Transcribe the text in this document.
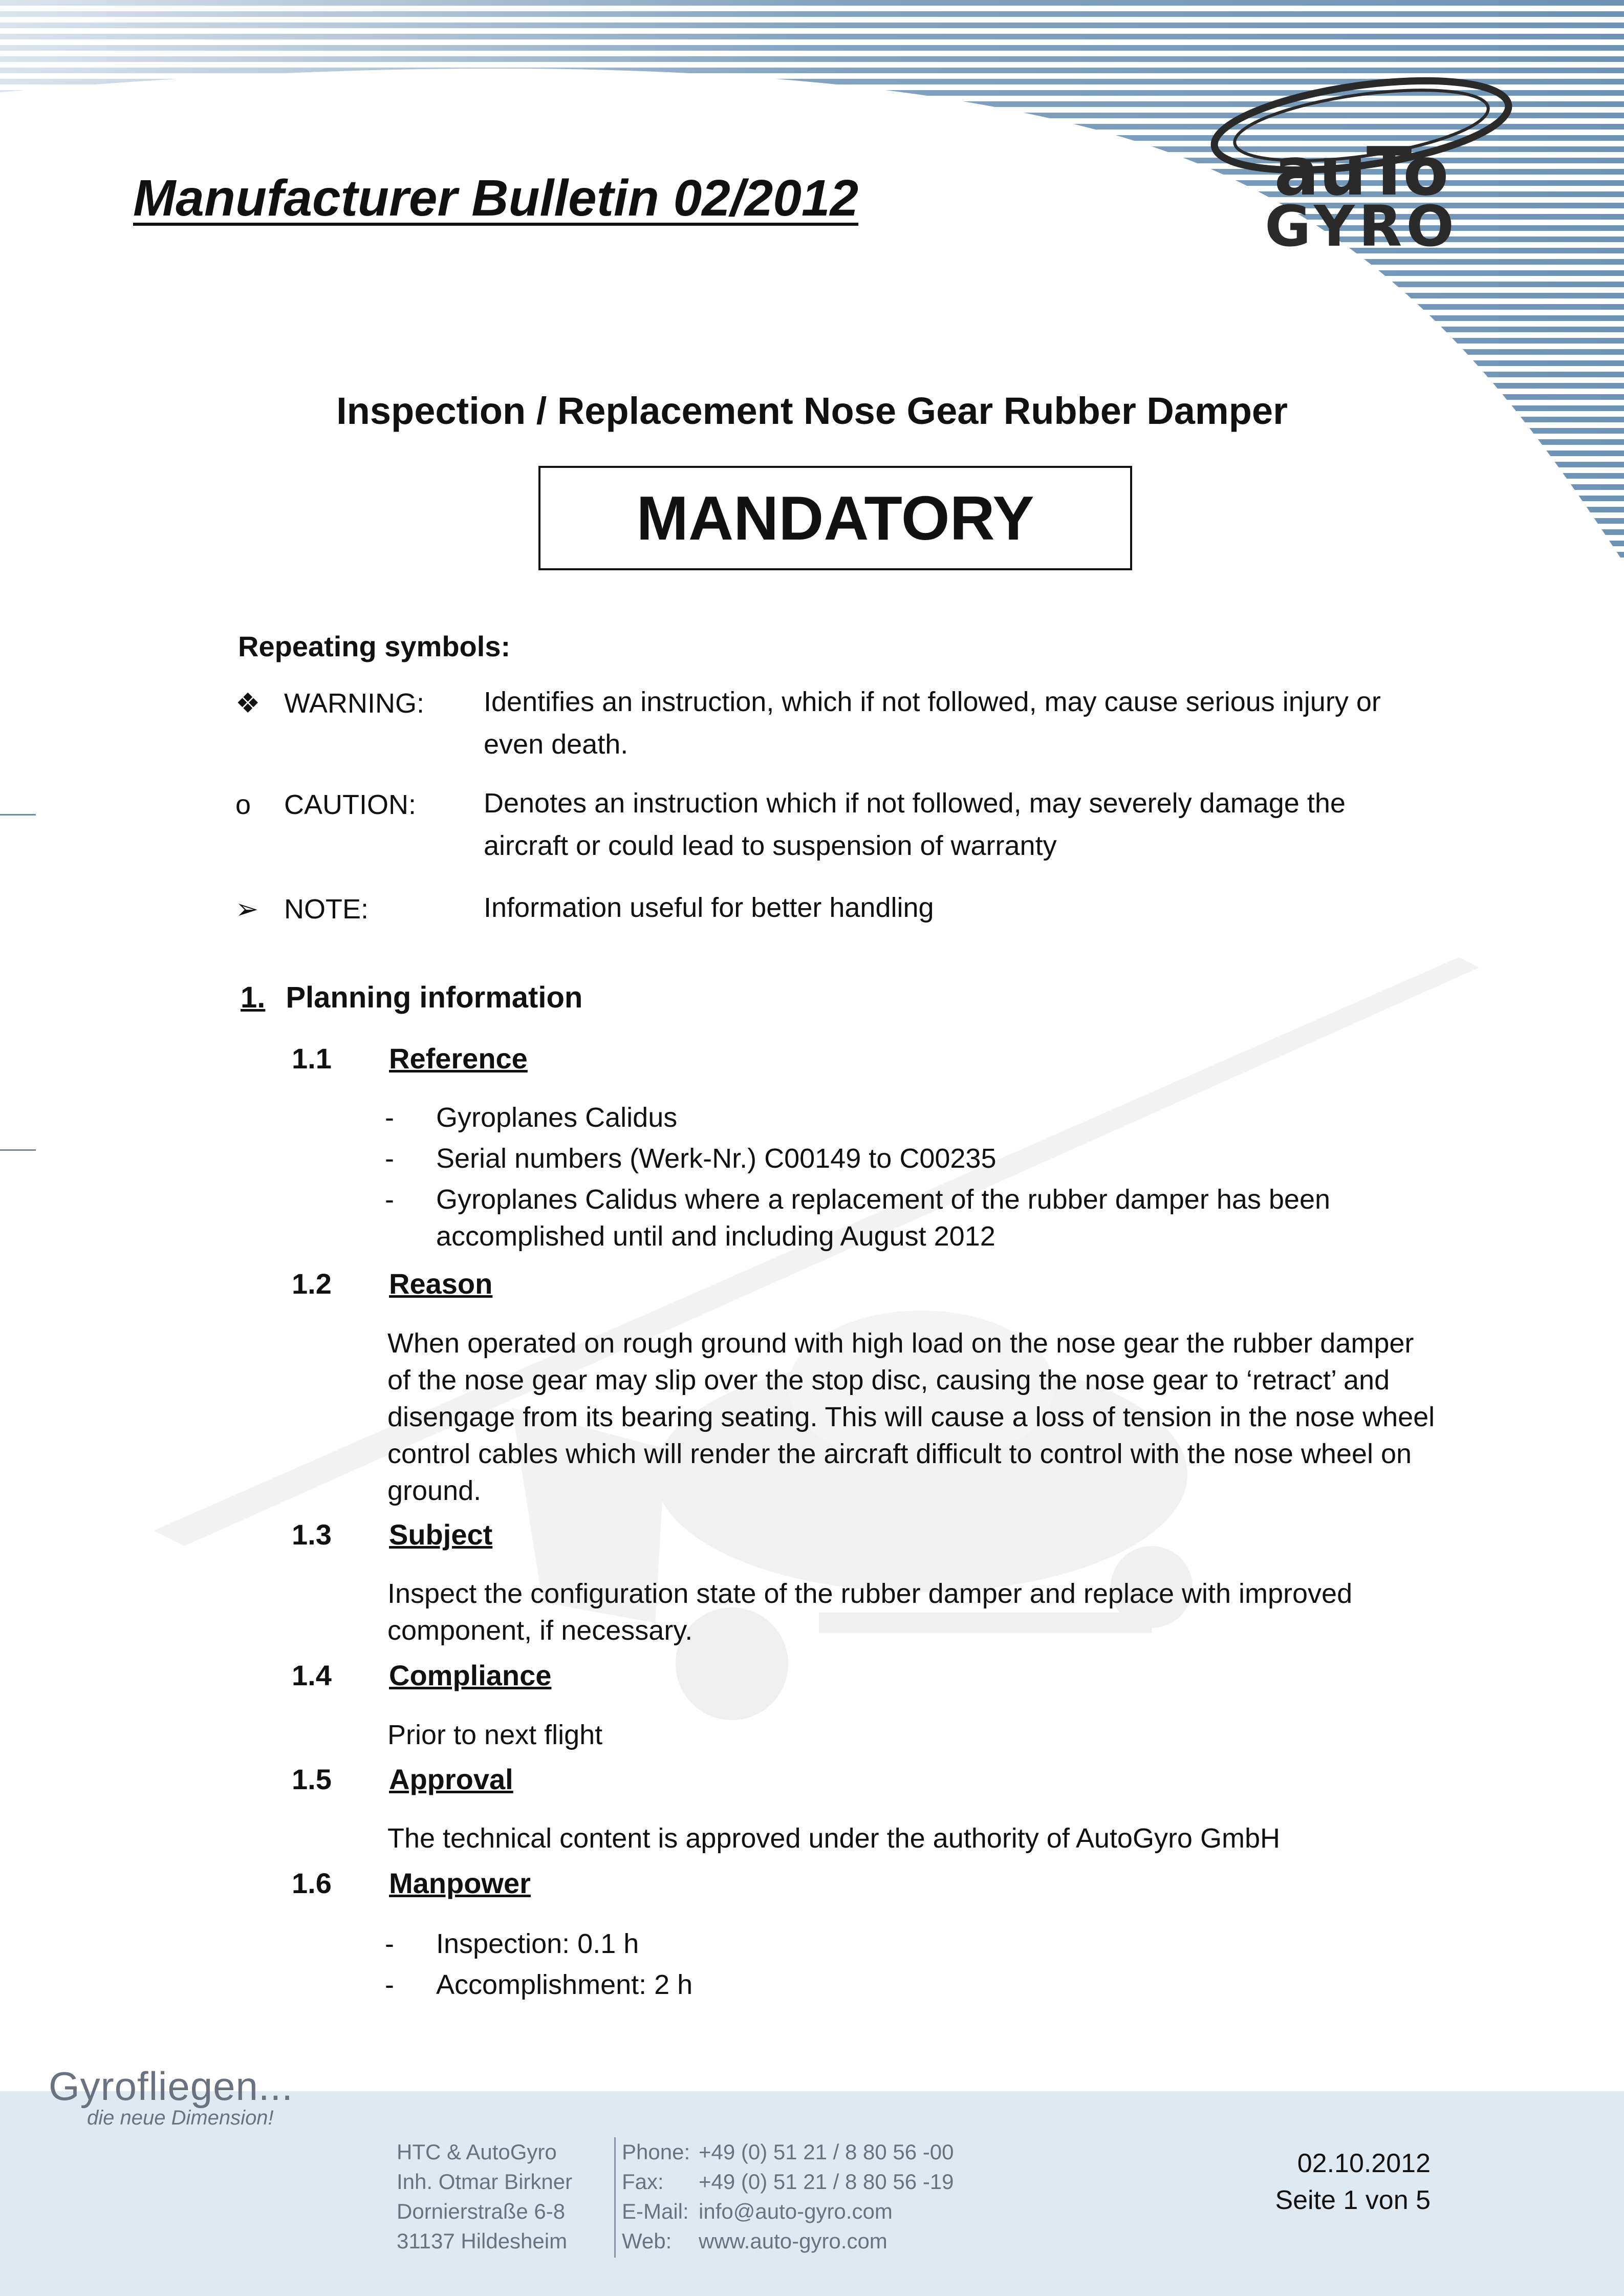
auTo
GYRO
Manufacturer Bulletin 02/2012
Inspection / Replacement Nose Gear Rubber Damper
MANDATORY
Repeating symbols:
❖ WARNING: Identifies an instruction, which if not followed, may cause serious injury or even death.
o	CAUTION: Denotes an instruction which if not followed, may severely damage the aircraft or could lead to suspension of warranty
➢ NOTE:	Information useful for better handling
1. Planning information
1.1 Reference
- Gyroplanes Calidus
- Serial numbers (Werk-Nr.) C00149 to C00235
- Gyroplanes Calidus where a replacement of the rubber damper has been accomplished until and including August 2012
1.2 Reason
When operated on rough ground with high load on the nose gear the rubber damper of the nose gear may slip over the stop disc, causing the nose gear to ‘retract’ and disengage from its bearing seating. This will cause a loss of tension in the nose wheel control cables which will render the aircraft difficult to control with the nose wheel on ground.
1.3 Subject
Inspect the configuration state of the rubber damper and replace with improved component, if necessary.
1.4 Compliance
Prior to next flight
1.5 Approval
The technical content is approved under the authority of AutoGyro GmbH
1.6 Manpower
- Inspection: 0.1 h
- Accomplishment: 2 h
Gyrofliegen...
die neue Dimension!
HTC & AutoGyro
Inh. Otmar Birkner
Dornierstraße 6-8
31137 Hildesheim
Phone: +49 (0) 51 21 / 8 80 56 -00
Fax: +49 (0) 51 21 / 8 80 56 -19
E-Mail: info@auto-gyro.com
Web: www.auto-gyro.com
02.10.2012
Seite 1 von 5
